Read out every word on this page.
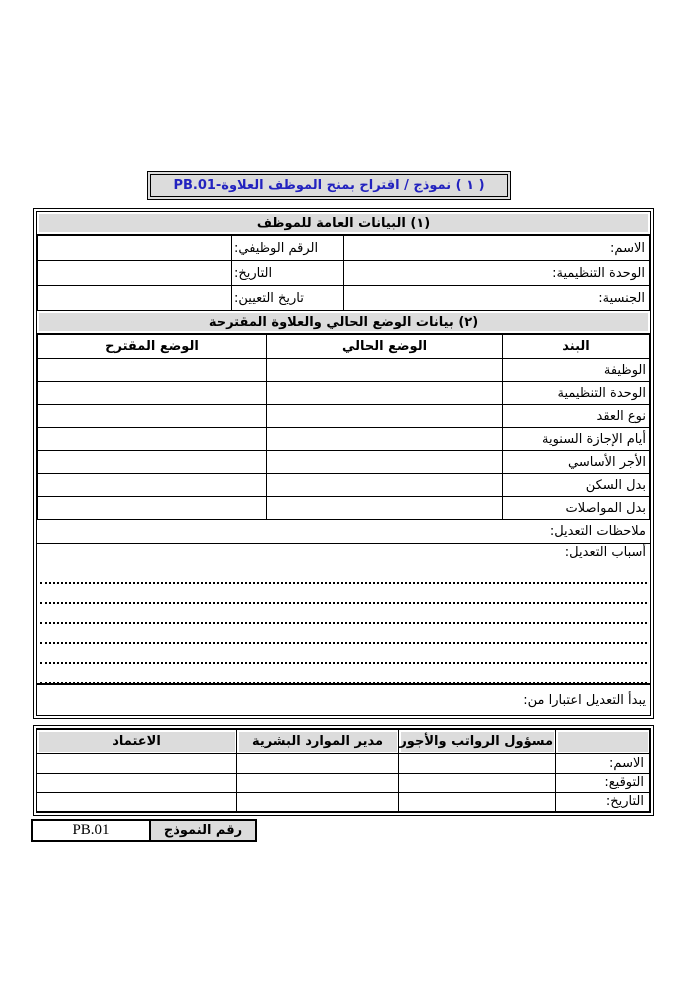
( ١ ) نموذج / اقتراح بمنح الموظف العلاوة-PB.01
(١) البيانات العامة للموظف
الاسم:	الرقم الوظيفي:	

الوحدة التنظيمية:	التاريخ:	

الجنسية:	تاريخ التعيين:	
(٢) بيانات الوضع الحالي والعلاوة المقترحة
البند	الوضع الحالي	الوضع المقترح
الوظيفة		
الوحدة التنظيمية		
نوع العقد		
أيام الإجازة السنوية		
الأجر الأساسي		
بدل السكن		
بدل المواصلات		
ملاحظات التعديل:
أسباب التعديل:
يبدأ التعديل اعتبارا من:
	مسؤول الرواتب والأجور	مدير الموارد البشرية	الاعتماد
الاسم:			
التوقيع:			
التاريخ:			
رقم النموذج
PB.01
